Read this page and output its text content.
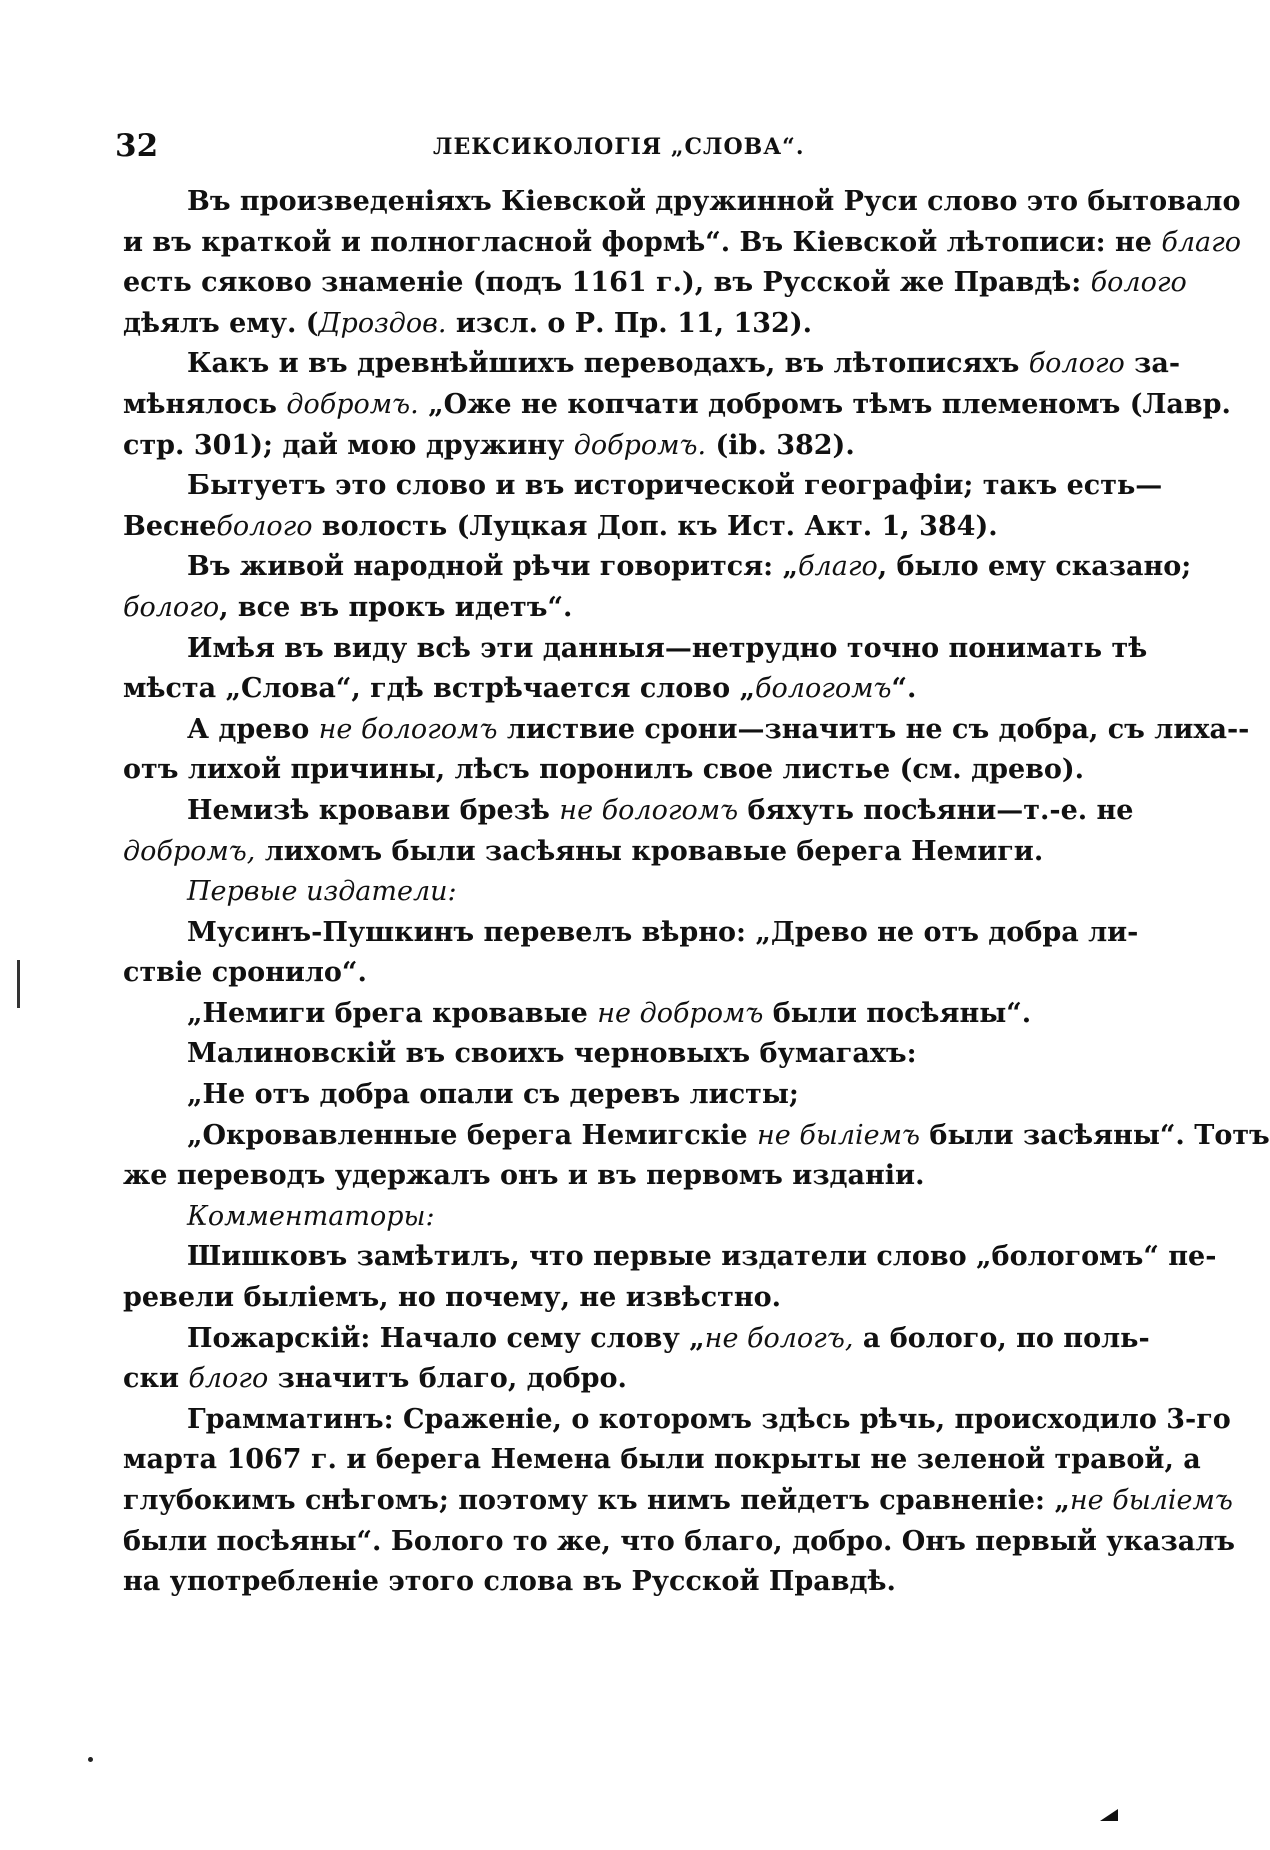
32	ЛЕКСИКОЛОГІЯ „СЛОВА“.
Въ произведеніяхъ Кіевской дружинной Руси слово это бытовало
и въ краткой и полногласной формѣ“. Въ Кіевской лѣтописи: не благо
есть сяково знаменіе (подъ 1161 г.), въ Русской же Правдѣ: бологo
дѣялъ ему. (Дроздов. изсл. о Р. Пр. 11, 132).
Какъ и въ древнѣйшихъ переводахъ, въ лѣтописяхъ бологo за-
мѣнялось добромъ. „Оже не копчати добромъ тѣмъ племеномъ (Лавр.
стр. 301); дай мою дружину добромъ. (ib. 382).
Бытуетъ это слово и въ исторической географіи; такъ есть—
Веснебологo волость (Луцкая Доп. къ Ист. Акт. 1, 384).
Въ живой народной рѣчи говорится: „благо, было ему сказано;
бологo, все въ прокъ идетъ“.
Имѣя въ виду всѣ эти данныя—нетрудно точно понимать тѣ
мѣста „Слова“, гдѣ встрѣчается слово „бологомъ“.
А древо не бологомъ листвие срони—значитъ не съ добра, съ лиха--
отъ лихой причины, лѣсъ поронилъ свое листье (см. древо).
Немизѣ кровави брезѣ не бологомъ бяхуть посѣяни—т.-е. не
добромъ, лихомъ были засѣяны кровавые берега Немиги.
Первые издатели:
Мусинъ-Пушкинъ перевелъ вѣрно: „Древо не отъ добра ли-
ствіе сронило“.
„Немиги брега кровавые не добромъ были посѣяны“.
Малиновскій въ своихъ черновыхъ бумагахъ:
„Не отъ добра опали съ деревъ листы;
„Окровавленные берега Немигскіе не быліемъ были засѣяны“. Тотъ
же переводъ удержалъ онъ и въ первомъ изданіи.
Комментаторы:
Шишковъ замѣтилъ, что первые издатели слово „бологомъ“ пе-
ревели быліемъ, но почему, не извѣстно.
Пожарскій: Начало сему слову „не бологъ, а бологo, по поль-
ски блого значитъ благо, добро.
Грамматинъ: Сраженіе, о которомъ здѣсь рѣчь, происходило 3-го
марта 1067 г. и берега Немена были покрыты не зеленой травой, а
глубокимъ снѣгомъ; поэтому къ нимъ пейдетъ сравненіе: „не быліемъ
были посѣяны“. Бологo то же, что благо, добро. Онъ первый указалъ
на употребленіе этого слова въ Русской Правдѣ.
